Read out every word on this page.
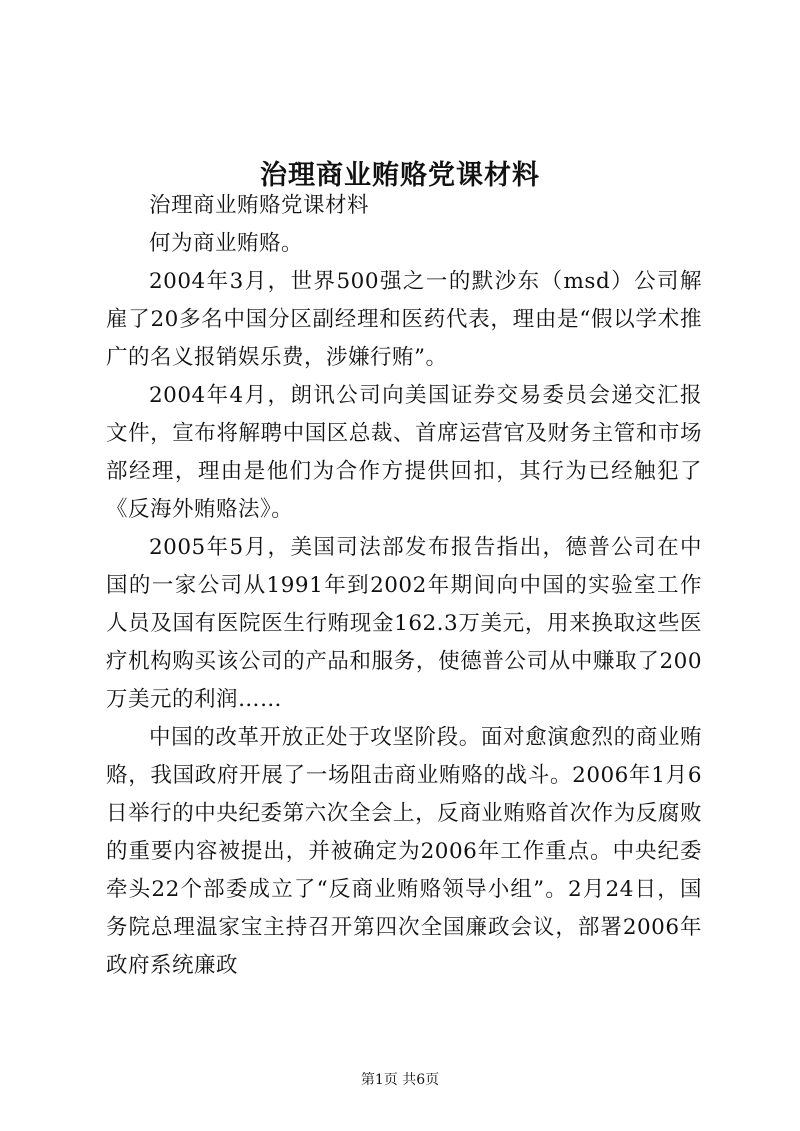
治理商业贿赂党课材料

治理商业贿赂党课材料

何为商业贿赂。

2004年3月，世界500强之一的默沙东（msd）公司解雇了20多名中国分区副经理和医药代表，理由是“假以学术推广的名义报销娱乐费，涉嫌行贿”。

2004年4月，朗讯公司向美国证券交易委员会递交汇报文件，宣布将解聘中国区总裁、首席运营官及财务主管和市场部经理，理由是他们为合作方提供回扣，其行为已经触犯了《反海外贿赂法》。

2005年5月，美国司法部发布报告指出，德普公司在中国的一家公司从1991年到2002年期间向中国的实验室工作人员及国有医院医生行贿现金162.3万美元，用来换取这些医疗机构购买该公司的产品和服务，使德普公司从中赚取了200万美元的利润……

中国的改革开放正处于攻坚阶段。面对愈演愈烈的商业贿赂，我国政府开展了一场阻击商业贿赂的战斗。2006年1月6日举行的中央纪委第六次全会上，反商业贿赂首次作为反腐败的重要内容被提出，并被确定为2006年工作重点。中央纪委牵头22个部委成立了“反商业贿赂领导小组”。2月24日，国务院总理温家宝主持召开第四次全国廉政会议，部署2006年政府系统廉政

第1页 共6页
